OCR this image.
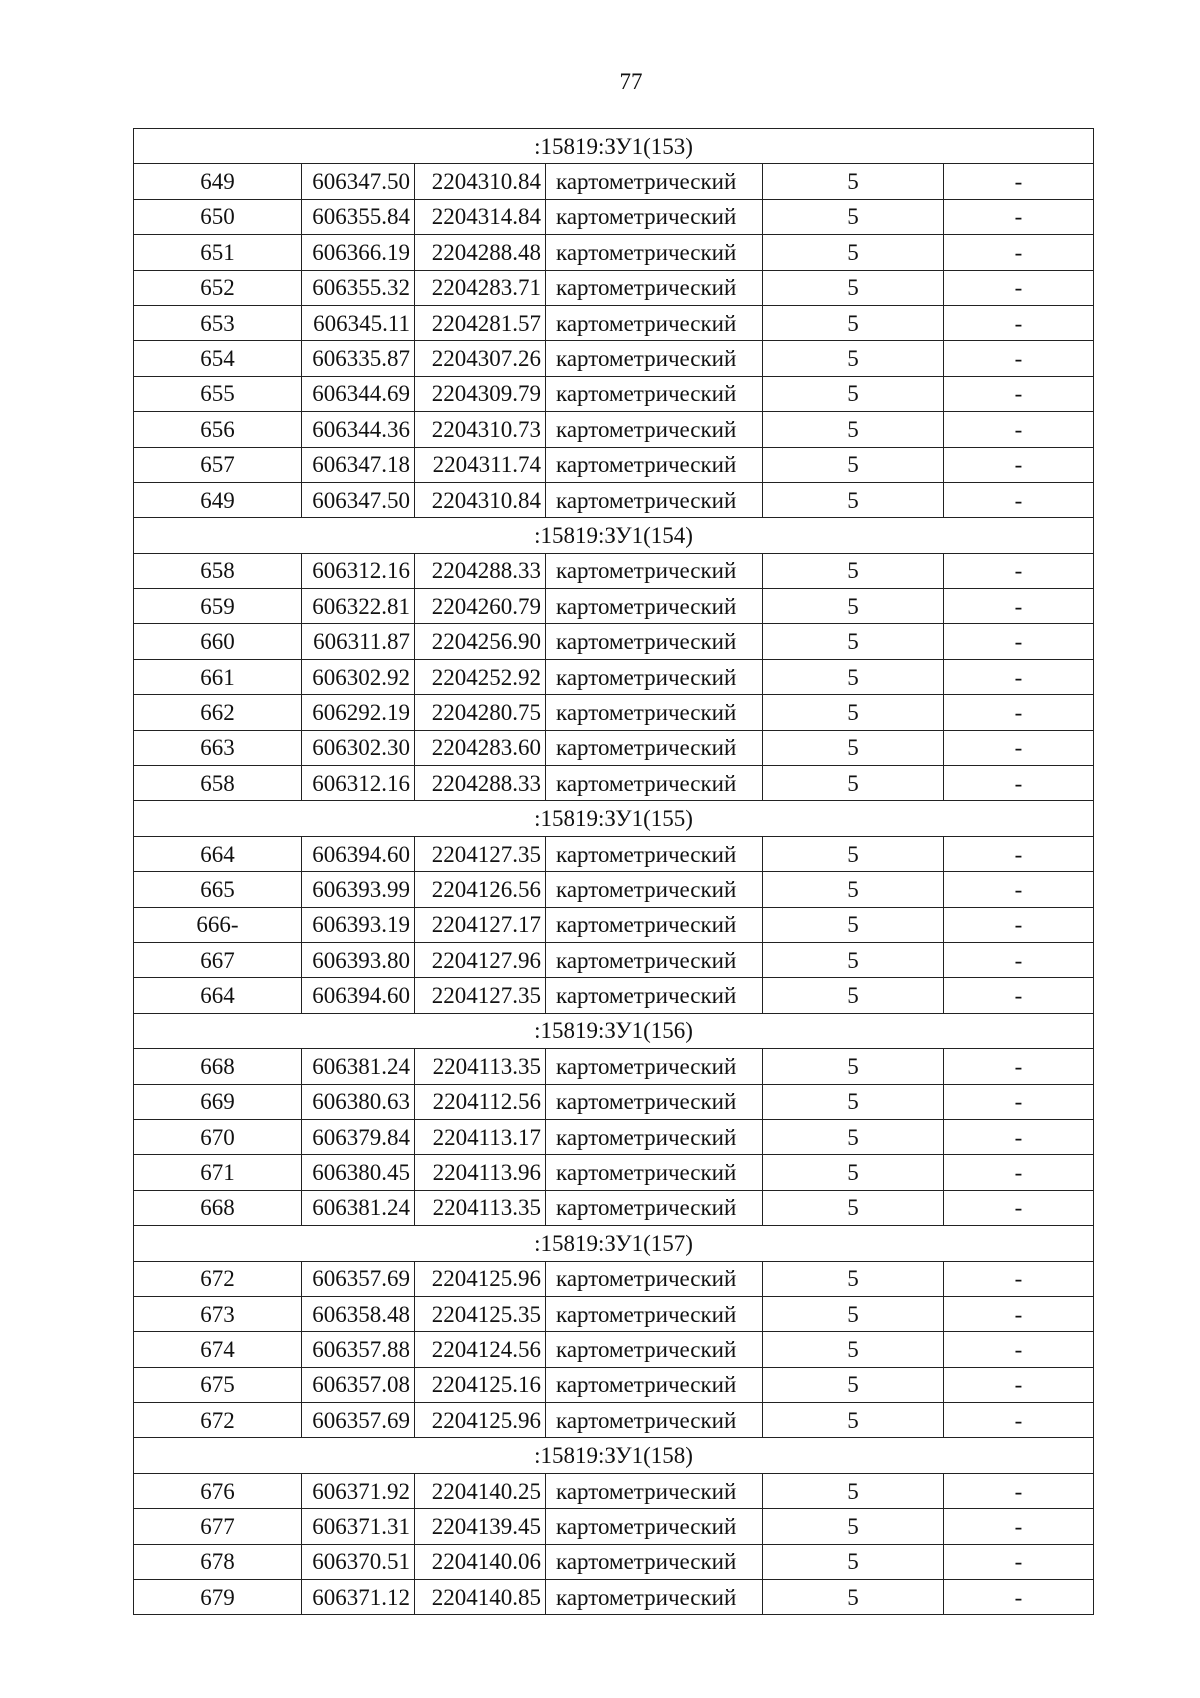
77
:15819:ЗУ1(153)					
649	606347.50	2204310.84	картометрический	5	-
650	606355.84	2204314.84	картометрический	5	-
651	606366.19	2204288.48	картометрический	5	-
652	606355.32	2204283.71	картометрический	5	-
653	606345.11	2204281.57	картометрический	5	-
654	606335.87	2204307.26	картометрический	5	-
655	606344.69	2204309.79	картометрический	5	-
656	606344.36	2204310.73	картометрический	5	-
657	606347.18	2204311.74	картометрический	5	-
649	606347.50	2204310.84	картометрический	5	-
:15819:ЗУ1(154)					
658	606312.16	2204288.33	картометрический	5	-
659	606322.81	2204260.79	картометрический	5	-
660	606311.87	2204256.90	картометрический	5	-
661	606302.92	2204252.92	картометрический	5	-
662	606292.19	2204280.75	картометрический	5	-
663	606302.30	2204283.60	картометрический	5	-
658	606312.16	2204288.33	картометрический	5	-
:15819:ЗУ1(155)					
664	606394.60	2204127.35	картометрический	5	-
665	606393.99	2204126.56	картометрический	5	-
666-	606393.19	2204127.17	картометрический	5	-
667	606393.80	2204127.96	картометрический	5	-
664	606394.60	2204127.35	картометрический	5	-
:15819:ЗУ1(156)					
668	606381.24	2204113.35	картометрический	5	-
669	606380.63	2204112.56	картометрический	5	-
670	606379.84	2204113.17	картометрический	5	-
671	606380.45	2204113.96	картометрический	5	-
668	606381.24	2204113.35	картометрический	5	-
:15819:ЗУ1(157)					
672	606357.69	2204125.96	картометрический	5	-
673	606358.48	2204125.35	картометрический	5	-
674	606357.88	2204124.56	картометрический	5	-
675	606357.08	2204125.16	картометрический	5	-
672	606357.69	2204125.96	картометрический	5	-
:15819:ЗУ1(158)					
676	606371.92	2204140.25	картометрический	5	-
677	606371.31	2204139.45	картометрический	5	-
678	606370.51	2204140.06	картометрический	5	-
679	606371.12	2204140.85	картометрический	5	-
